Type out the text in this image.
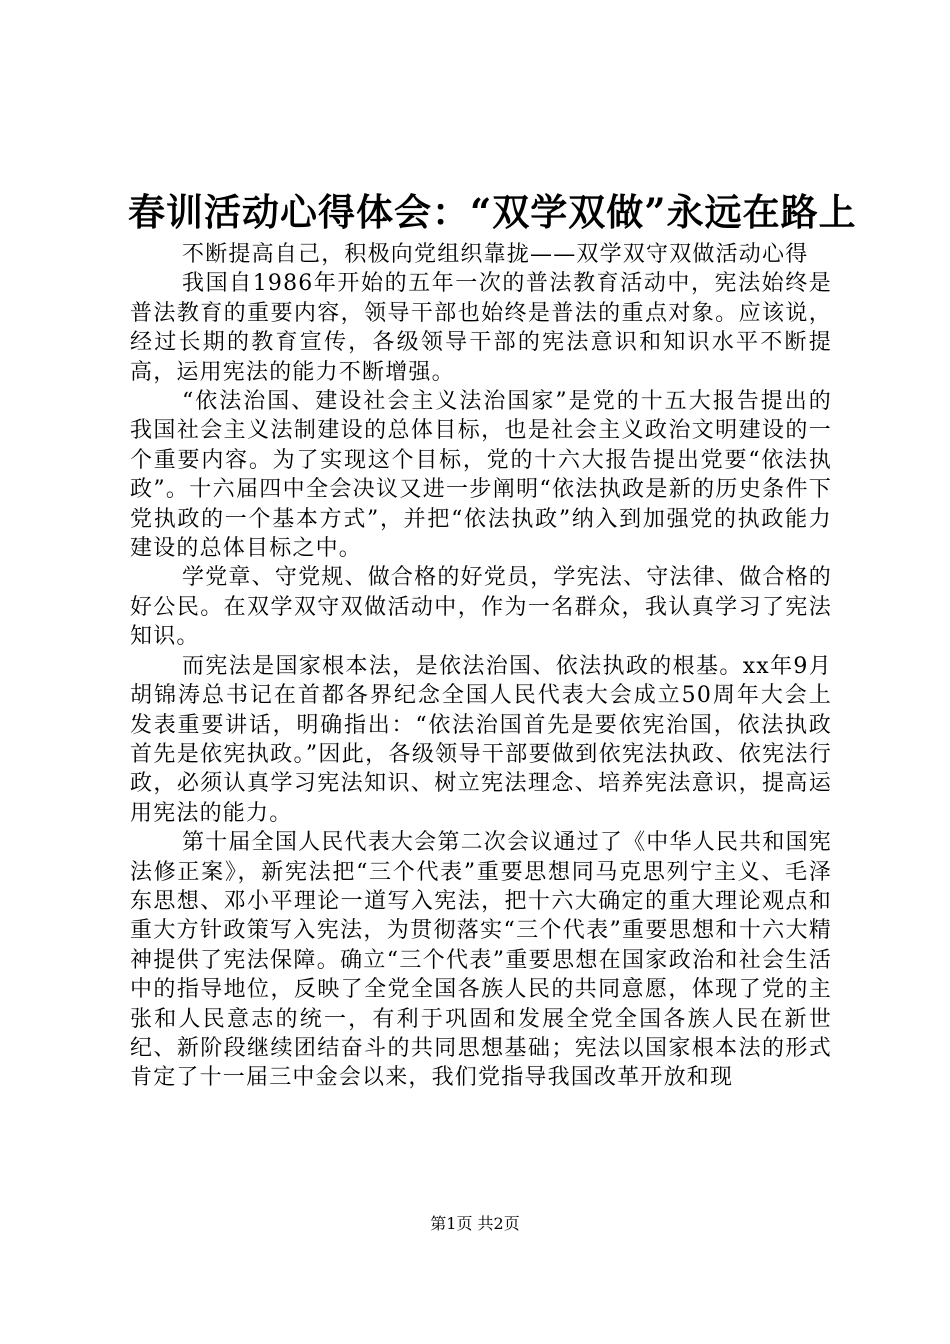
春训活动心得体会：“双学双做”永远在路上

不断提高自己，积极向党组织靠拢——双学双守双做活动心得

我国自1986年开始的五年一次的普法教育活动中，宪法始终是普法教育的重要内容，领导干部也始终是普法的重点对象。应该说，经过长期的教育宣传，各级领导干部的宪法意识和知识水平不断提高，运用宪法的能力不断增强。

“依法治国、建设社会主义法治国家”是党的十五大报告提出的我国社会主义法制建设的总体目标，也是社会主义政治文明建设的一个重要内容。为了实现这个目标，党的十六大报告提出党要“依法执政”。十六届四中全会决议又进一步阐明“依法执政是新的历史条件下党执政的一个基本方式”，并把“依法执政”纳入到加强党的执政能力建设的总体目标之中。

学党章、守党规、做合格的好党员，学宪法、守法律、做合格的好公民。在双学双守双做活动中，作为一名群众，我认真学习了宪法知识。

而宪法是国家根本法，是依法治国、依法执政的根基。xx年9月胡锦涛总书记在首都各界纪念全国人民代表大会成立50周年大会上发表重要讲话，明确指出：“依法治国首先是要依宪治国，依法执政首先是依宪执政。”因此，各级领导干部要做到依宪法执政、依宪法行政，必须认真学习宪法知识、树立宪法理念、培养宪法意识，提高运用宪法的能力。

第十届全国人民代表大会第二次会议通过了《中华人民共和国宪法修正案》，新宪法把“三个代表”重要思想同马克思列宁主义、毛泽东思想、邓小平理论一道写入宪法，把十六大确定的重大理论观点和重大方针政策写入宪法，为贯彻落实“三个代表”重要思想和十六大精神提供了宪法保障。确立“三个代表”重要思想在国家政治和社会生活中的指导地位，反映了全党全国各族人民的共同意愿，体现了党的主张和人民意志的统一，有利于巩固和发展全党全国各族人民在新世纪、新阶段继续团结奋斗的共同思想基础；宪法以国家根本法的形式肯定了十一届三中金会以来，我们党指导我国改革开放和现

第1页 共2页
